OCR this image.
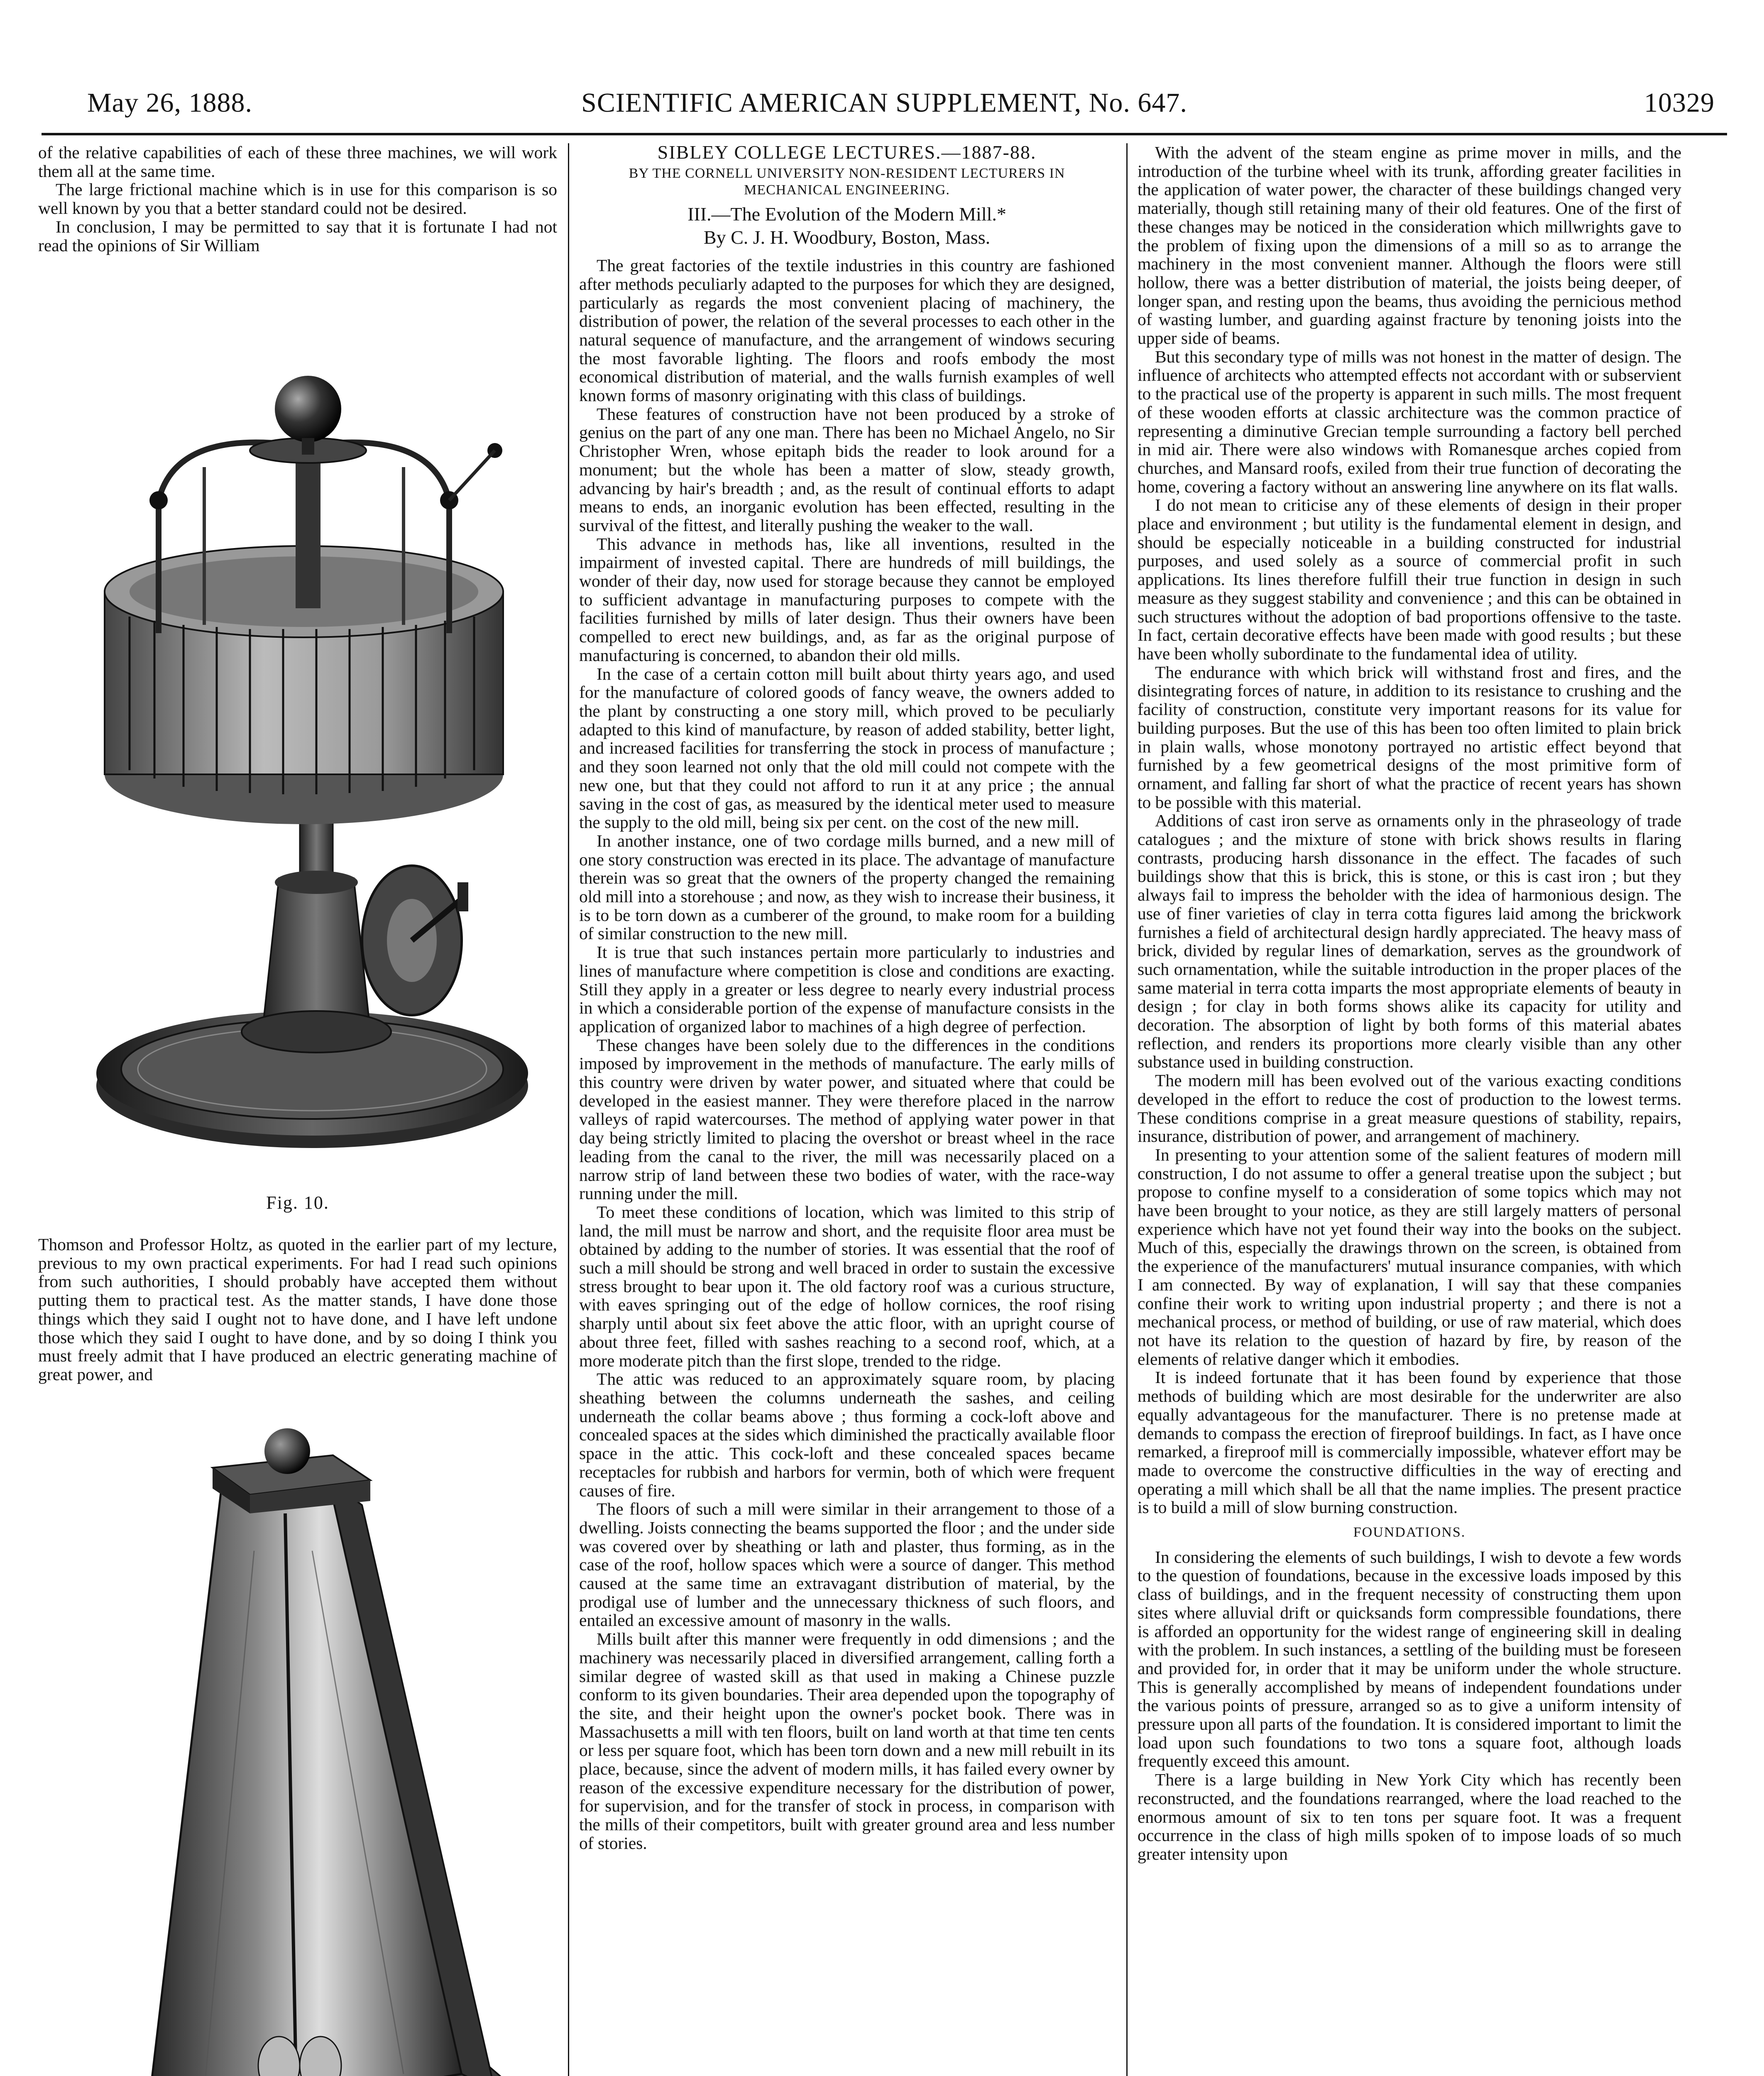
May 26, 1888.	SCIENTIFIC AMERICAN SUPPLEMENT, No. 647.	10329

of the relative capabilities of each of these three machines, we will work them all at the same time.

The large frictional machine which is in use for this comparison is so well known by you that a better standard could not be desired.

In conclusion, I may be permitted to say that it is fortunate I had not read the opinions of Sir William

Fig. 10.

Thomson and Professor Holtz, as quoted in the earlier part of my lecture, previous to my own practical experiments. For had I read such opinions from such authorities, I should probably have accepted them without putting them to practical test. As the matter stands, I have done those things which they said I ought not to have done, and I have left undone those which they said I ought to have done, and by so doing I think you must freely admit that I have produced an electric generating machine of great power, and

SIBLEY COLLEGE LECTURES.—1887-88.

BY THE CORNELL UNIVERSITY NON-RESIDENT LECTURERS IN MECHANICAL ENGINEERING.

III.—The Evolution of the Modern Mill.*

By C. J. H. Woodbury, Boston, Mass.

The great factories of the textile industries in this country are fashioned after methods peculiarly adapted to the purposes for which they are designed, particularly as regards the most convenient placing of machinery, the distribution of power, the relation of the several processes to each other in the natural sequence of manufacture, and the arrangement of windows securing the most favorable lighting. The floors and roofs embody the most economical distribution of material, and the walls furnish examples of well known forms of masonry originating with this class of buildings.

These features of construction have not been produced by a stroke of genius on the part of any one man. There has been no Michael Angelo, no Sir Christopher Wren, whose epitaph bids the reader to look around for a monument; but the whole has been a matter of slow, steady growth, advancing by hair's breadth ; and, as the result of continual efforts to adapt means to ends, an inorganic evolution has been effected, resulting in the survival of the fittest, and literally pushing the weaker to the wall.

This advance in methods has, like all inventions, resulted in the impairment of invested capital. There are hundreds of mill buildings, the wonder of their day, now used for storage because they cannot be employed to sufficient advantage in manufacturing purposes to compete with the facilities furnished by mills of later design. Thus their owners have been compelled to erect new buildings, and, as far as the original purpose of manufacturing is concerned, to abandon their old mills.

In the case of a certain cotton mill built about thirty years ago, and used for the manufacture of colored goods of fancy weave, the owners added to the plant by constructing a one story mill, which proved to be peculiarly adapted to this kind of manufacture, by reason of added stability, better light, and increased facilities for transferring the stock in process of manufacture ; and they soon learned not only that the old mill could not compete with the new one, but that they could not afford to run it at any price ; the annual saving in the cost of gas, as measured by the identical meter used to measure the supply to the old mill, being six per cent. on the cost of the new mill.

In another instance, one of two cordage mills burned, and a new mill of one story construction was erected in its place. The advantage of manufacture therein was so great that the owners of the property changed the remaining old mill into a storehouse ; and now, as they wish to increase their business, it is to be torn down as a cumberer of the ground, to make room for a building of similar construction to the new mill.

It is true that such instances pertain more particularly to industries and lines of manufacture where competition is close and conditions are exacting. Still they apply in a greater or less degree to nearly every industrial process in which a considerable portion of the expense of manufacture consists in the application of organized labor to machines of a high degree of perfection.

These changes have been solely due to the differences in the conditions imposed by improvement in the methods of manufacture. The early mills of this country were driven by water power, and situated where that could be developed in the easiest manner. They were therefore placed in the narrow valleys of rapid watercourses. The method of applying water power in that day being strictly limited to placing the overshot or breast wheel in the race leading from the canal to the river, the mill was necessarily placed on a narrow strip of land between these two bodies of water, with the race-way running under the mill.

To meet these conditions of location, which was limited to this strip of land, the mill must be narrow and short, and the requisite floor area must be obtained by adding to the number of stories. It was essential that the roof of such a mill should be strong and well braced in order to sustain the excessive stress brought to bear upon it. The old factory roof was a curious structure, with eaves springing out of the edge of hollow cornices, the roof rising sharply until about six feet above the attic floor, with an upright course of about three feet, filled with sashes reaching to a second roof, which, at a more moderate pitch than the first slope, trended to the ridge.

The attic was reduced to an approximately square room, by placing sheathing between the columns underneath the sashes, and ceiling underneath the collar beams above ; thus forming a cock-loft above and concealed spaces at the sides which diminished the practically available floor space in the attic. This cock-loft and these concealed spaces became receptacles for rubbish and harbors for vermin, both of which were frequent causes of fire.

The floors of such a mill were similar in their arrangement to those of a dwelling. Joists connecting the beams supported the floor ; and the under side was covered over by sheathing or lath and plaster, thus forming, as in the case of the roof, hollow spaces which were a source of danger. This method caused at the same time an extravagant distribution of material, by the prodigal use of lumber and the unnecessary thickness of such floors, and entailed an excessive amount of masonry in the walls.

Mills built after this manner were frequently in odd dimensions ; and the machinery was necessarily placed in diversified arrangement, calling forth a similar degree of wasted skill as that used in making a Chinese puzzle conform to its given boundaries. Their area depended upon the topography of the site, and their height upon the owner's pocket book. There was in Massachusetts a mill with ten floors, built on land worth at that time ten cents or less per square foot, which has been torn down and a new mill rebuilt in its place, because, since the advent of modern mills, it has failed every owner by reason of the excessive expenditure necessary for the distribution of power, for supervision, and for the transfer of stock in process, in comparison with the mills of their competitors, built with greater ground area and less number of stories.

With the advent of the steam engine as prime mover in mills, and the introduction of the turbine wheel with its trunk, affording greater facilities in the application of water power, the character of these buildings changed very materially, though still retaining many of their old features. One of the first of these changes may be noticed in the consideration which millwrights gave to the problem of fixing upon the dimensions of a mill so as to arrange the machinery in the most convenient manner. Although the floors were still hollow, there was a better distribution of material, the joists being deeper, of longer span, and resting upon the beams, thus avoiding the pernicious method of wasting lumber, and guarding against fracture by tenoning joists into the upper side of beams.

But this secondary type of mills was not honest in the matter of design. The influence of architects who attempted effects not accordant with or subservient to the practical use of the property is apparent in such mills. The most frequent of these wooden efforts at classic architecture was the common practice of representing a diminutive Grecian temple surrounding a factory bell perched in mid air. There were also windows with Romanesque arches copied from churches, and Mansard roofs, exiled from their true function of decorating the home, covering a factory without an answering line anywhere on its flat walls.

I do not mean to criticise any of these elements of design in their proper place and environment ; but utility is the fundamental element in design, and should be especially noticeable in a building constructed for industrial purposes, and used solely as a source of commercial profit in such applications. Its lines therefore fulfill their true function in design in such measure as they suggest stability and convenience ; and this can be obtained in such structures without the adoption of bad proportions offensive to the taste. In fact, certain decorative effects have been made with good results ; but these have been wholly subordinate to the fundamental idea of utility.

The endurance with which brick will withstand frost and fires, and the disintegrating forces of nature, in addition to its resistance to crushing and the facility of construction, constitute very important reasons for its value for building purposes. But the use of this has been too often limited to plain brick in plain walls, whose monotony portrayed no artistic effect beyond that furnished by a few geometrical designs of the most primitive form of ornament, and falling far short of what the practice of recent years has shown to be possible with this material.

Additions of cast iron serve as ornaments only in the phraseology of trade catalogues ; and the mixture of stone with brick shows results in flaring contrasts, producing harsh dissonance in the effect. The facades of such buildings show that this is brick, this is stone, or this is cast iron ; but they always fail to impress the beholder with the idea of harmonious design. The use of finer varieties of clay in terra cotta figures laid among the brickwork furnishes a field of architectural design hardly appreciated. The heavy mass of brick, divided by regular lines of demarkation, serves as the groundwork of such ornamentation, while the suitable introduction in the proper places of the same material in terra cotta imparts the most appropriate elements of beauty in design ; for clay in both forms shows alike its capacity for utility and decoration. The absorption of light by both forms of this material abates reflection, and renders its proportions more clearly visible than any other substance used in building construction.

The modern mill has been evolved out of the various exacting conditions developed in the effort to reduce the cost of production to the lowest terms. These conditions comprise in a great measure questions of stability, repairs, insurance, distribution of power, and arrangement of machinery.

In presenting to your attention some of the salient features of modern mill construction, I do not assume to offer a general treatise upon the subject ; but propose to confine myself to a consideration of some topics which may not have been brought to your notice, as they are still largely matters of personal experience which have not yet found their way into the books on the subject. Much of this, especially the drawings thrown on the screen, is obtained from the experience of the manufacturers' mutual insurance companies, with which I am connected. By way of explanation, I will say that these companies confine their work to writing upon industrial property ; and there is not a mechanical process, or method of building, or use of raw material, which does not have its relation to the question of hazard by fire, by reason of the elements of relative danger which it embodies.

It is indeed fortunate that it has been found by experience that those methods of building which are most desirable for the underwriter are also equally advantageous for the manufacturer. There is no pretense made at demands to compass the erection of fireproof buildings. In fact, as I have once remarked, a fireproof mill is commercially impossible, whatever effort may be made to overcome the constructive difficulties in the way of erecting and operating a mill which shall be all that the name implies. The present practice is to build a mill of slow burning construction.

FOUNDATIONS.

In considering the elements of such buildings, I wish to devote a few words to the question of foundations, because in the excessive loads imposed by this class of buildings, and in the frequent necessity of constructing them upon sites where alluvial drift or quicksands form compressible foundations, there is afforded an opportunity for the widest range of engineering skill in dealing with the problem. In such instances, a settling of the building must be foreseen and provided for, in order that it may be uniform under the whole structure. This is generally accomplished by means of independent foundations under the various points of pressure, arranged so as to give a uniform intensity of pressure upon all parts of the foundation. It is considered important to limit the load upon such foundations to two tons a square foot, although loads frequently exceed this amount.

There is a large building in New York City which has recently been reconstructed, and the foundations rearranged, where the load reached to the enormous amount of six to ten tons per square foot. It was a frequent occurrence in the class of high mills spoken of to impose loads of so much greater intensity upon
